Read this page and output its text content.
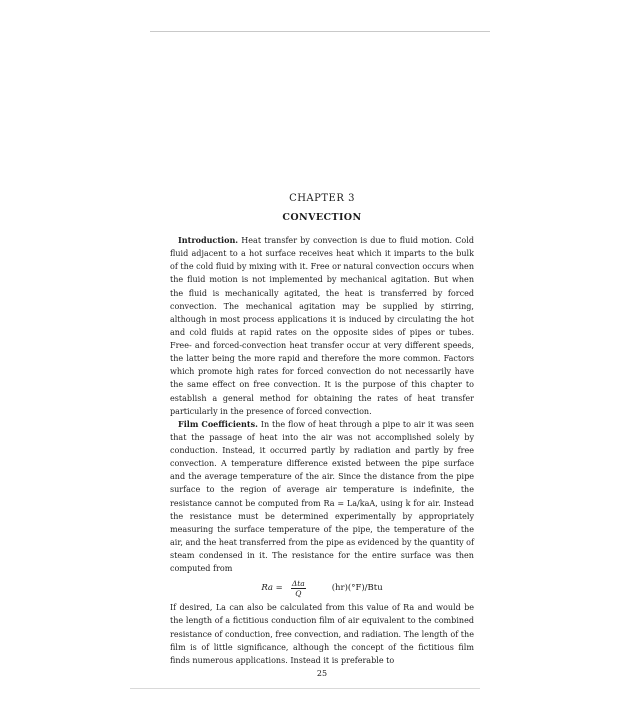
CHAPTER 3

CONVECTION

Introduction. Heat transfer by convection is due to fluid motion. Cold fluid adjacent to a hot surface receives heat which it imparts to the bulk of the cold fluid by mixing with it. Free or natural convection occurs when the fluid motion is not implemented by mechanical agitation. But when the fluid is mechanically agitated, the heat is transferred by forced convection. The mechanical agitation may be supplied by stirring, although in most process applications it is induced by circulating the hot and cold fluids at rapid rates on the opposite sides of pipes or tubes. Free- and forced-convection heat transfer occur at very different speeds, the latter being the more rapid and therefore the more common. Factors which promote high rates for forced convection do not necessarily have the same effect on free convection. It is the purpose of this chapter to establish a general method for obtaining the rates of heat transfer particularly in the presence of forced convection.

Film Coefficients. In the flow of heat through a pipe to air it was seen that the passage of heat into the air was not accomplished solely by conduction. Instead, it occurred partly by radiation and partly by free convection. A temperature difference existed between the pipe surface and the average temperature of the air. Since the distance from the pipe surface to the region of average air temperature is indefinite, the resistance cannot be computed from Ra = La/kaA, using k for air. Instead the resistance must be determined experimentally by appropriately measuring the surface temperature of the pipe, the temperature of the air, and the heat transferred from the pipe as evidenced by the quantity of steam condensed in it. The resistance for the entire surface was then computed from

$Ra = \frac{\text{Δta}}{Q}$	(hr)(°F)/Btu

If desired, La can also be calculated from this value of Ra and would be the length of a fictitious conduction film of air equivalent to the combined resistance of conduction, free convection, and radiation. The length of the film is of little significance, although the concept of the fictitious film finds numerous applications. Instead it is preferable to

25
